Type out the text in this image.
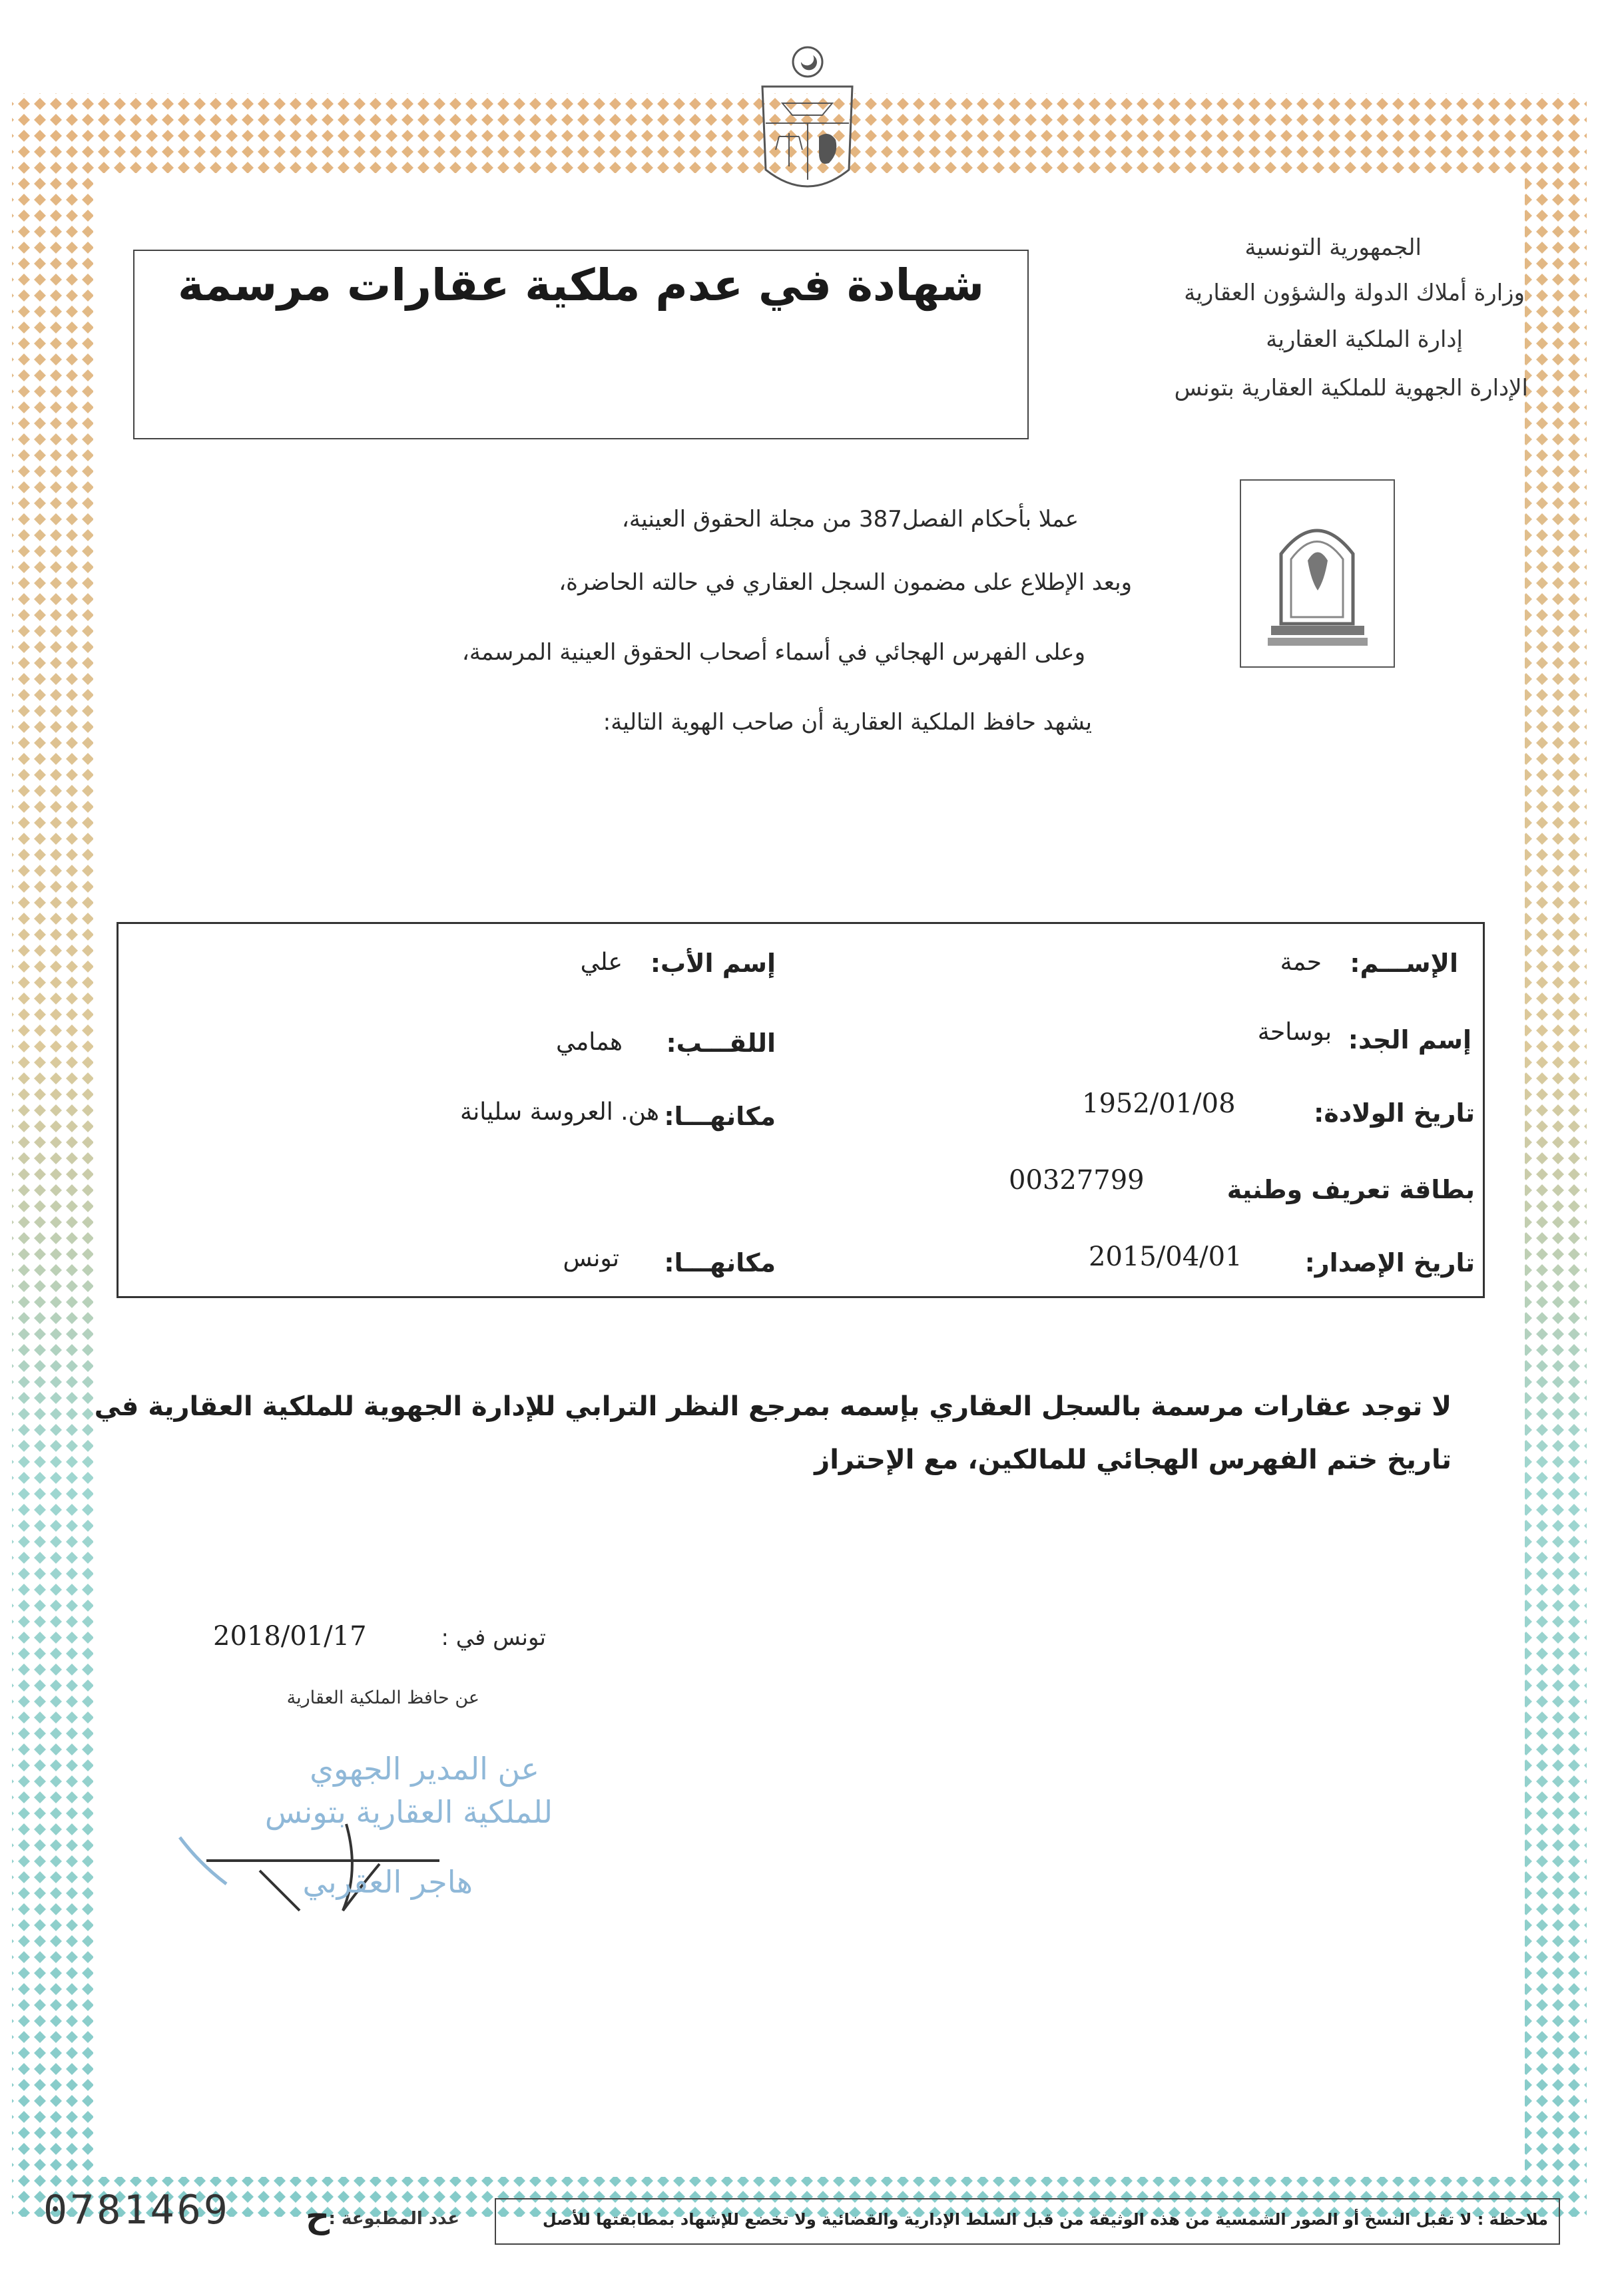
الجمهورية التونسية
وزارة أملاك الدولة والشؤون العقارية
إدارة الملكية العقارية
الإدارة الجهوية للملكية العقارية بتونس
شهادة في عدم ملكية عقارات مرسمة
عملا بأحكام الفصل387 من مجلة الحقوق العينية،
وبعد الإطلاع على مضمون السجل العقاري في حالته الحاضرة،
وعلى الفهرس الهجائي في أسماء أصحاب الحقوق العينية المرسمة،
يشهد حافظ الملكية العقارية أن صاحب الهوية التالية:
الإســـم:
حمة
إسم الأب:
علي
إسم الجد:
بوساحة
اللقـــب:
همامي
تاريخ الولادة:
1952/01/08
مكانهـــا:
هن. العروسة سليانة
بطاقة تعريف وطنية
00327799
تاريخ الإصدار:
2015/04/01
مكانهـــا:
تونس
لا توجد عقارات مرسمة بالسجل العقاري بإسمه بمرجع النظر الترابي للإدارة الجهوية للملكية العقارية في
تاريخ ختم الفهرس الهجائي للمالكين، مع الإحتراز
تونس في :
2018/01/17
عن حافظ الملكية العقارية
عن المدير الجهوي
للملكية العقارية بتونس
هاجر العقربي
ملاحظة : لا تقبل النسخ أو الصور الشمسية من هذه الوثيقة من قبل السلط الإدارية والقضائية ولا تخضع للإشهاد بمطابقتها للأصل
عدد المطبوعة :
ح
0781469
